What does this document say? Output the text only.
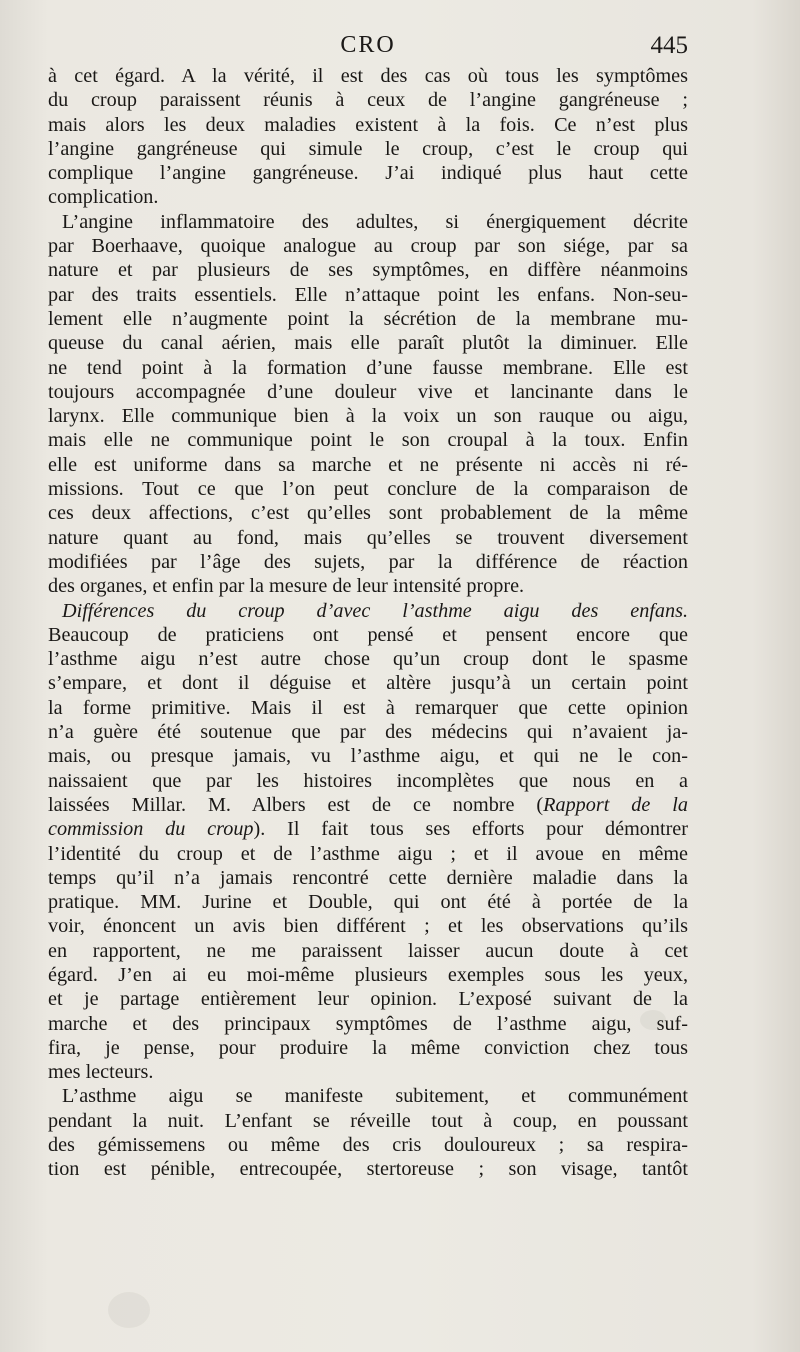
CRO	445
à cet égard. A la vérité, il est des cas où tous les symptômes
du croup paraissent réunis à ceux de l’angine gangréneuse ;
mais alors les deux maladies existent à la fois. Ce n’est plus
l’angine gangréneuse qui simule le croup, c’est le croup qui
complique l’angine gangréneuse. J’ai indiqué plus haut cette
complication.
L’angine inflammatoire des adultes, si énergiquement décrite
par Boerhaave, quoique analogue au croup par son siége, par sa
nature et par plusieurs de ses symptômes, en diffère néanmoins
par des traits essentiels. Elle n’attaque point les enfans. Non-seu-
lement elle n’augmente point la sécrétion de la membrane mu-
queuse du canal aérien, mais elle paraît plutôt la diminuer. Elle
ne tend point à la formation d’une fausse membrane. Elle est
toujours accompagnée d’une douleur vive et lancinante dans le
larynx. Elle communique bien à la voix un son rauque ou aigu,
mais elle ne communique point le son croupal à la toux. Enfin
elle est uniforme dans sa marche et ne présente ni accès ni ré-
missions. Tout ce que l’on peut conclure de la comparaison de
ces deux affections, c’est qu’elles sont probablement de la même
nature quant au fond, mais qu’elles se trouvent diversement
modifiées par l’âge des sujets, par la différence de réaction
des organes, et enfin par la mesure de leur intensité propre.
Différences du croup d’avec l’asthme aigu des enfans.
Beaucoup de praticiens ont pensé et pensent encore que
l’asthme aigu n’est autre chose qu’un croup dont le spasme
s’empare, et dont il déguise et altère jusqu’à un certain point
la forme primitive. Mais il est à remarquer que cette opinion
n’a guère été soutenue que par des médecins qui n’avaient ja-
mais, ou presque jamais, vu l’asthme aigu, et qui ne le con-
naissaient que par les histoires incomplètes que nous en a
laissées Millar. M. Albers est de ce nombre (Rapport de la
commission du croup). Il fait tous ses efforts pour démontrer
l’identité du croup et de l’asthme aigu ; et il avoue en même
temps qu’il n’a jamais rencontré cette dernière maladie dans la
pratique. MM. Jurine et Double, qui ont été à portée de la
voir, énoncent un avis bien différent ; et les observations qu’ils
en rapportent, ne me paraissent laisser aucun doute à cet
égard. J’en ai eu moi-même plusieurs exemples sous les yeux,
et je partage entièrement leur opinion. L’exposé suivant de la
marche et des principaux symptômes de l’asthme aigu, suf-
fira, je pense, pour produire la même conviction chez tous
mes lecteurs.
L’asthme aigu se manifeste subitement, et communément
pendant la nuit. L’enfant se réveille tout à coup, en poussant
des gémissemens ou même des cris douloureux ; sa respira-
tion est pénible, entrecoupée, stertoreuse ; son visage, tantôt
